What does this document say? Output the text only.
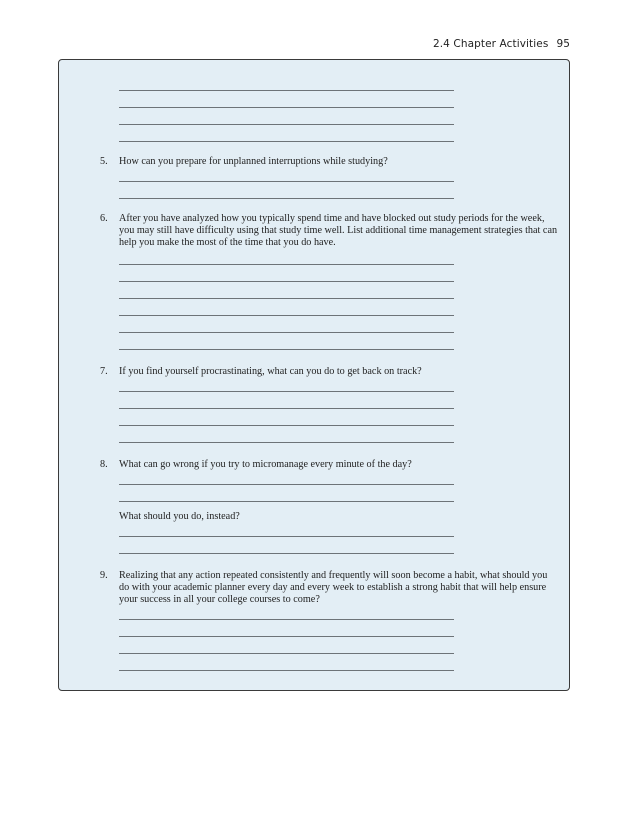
2.4 Chapter Activities 95
5.	How can you prepare for unplanned interruptions while studying?
6.	After you have analyzed how you typically spend time and have blocked out study periods for the week, you may still have difficulty using that study time well. List additional time management strategies that can help you make the most of the time that you do have.
7.	If you find yourself procrastinating, what can you do to get back on track?
8.	What can go wrong if you try to micromanage every minute of the day?
What should you do, instead?
9.	Realizing that any action repeated consistently and frequently will soon become a habit, what should you do with your academic planner every day and every week to establish a strong habit that will help ensure your success in all your college courses to come?
